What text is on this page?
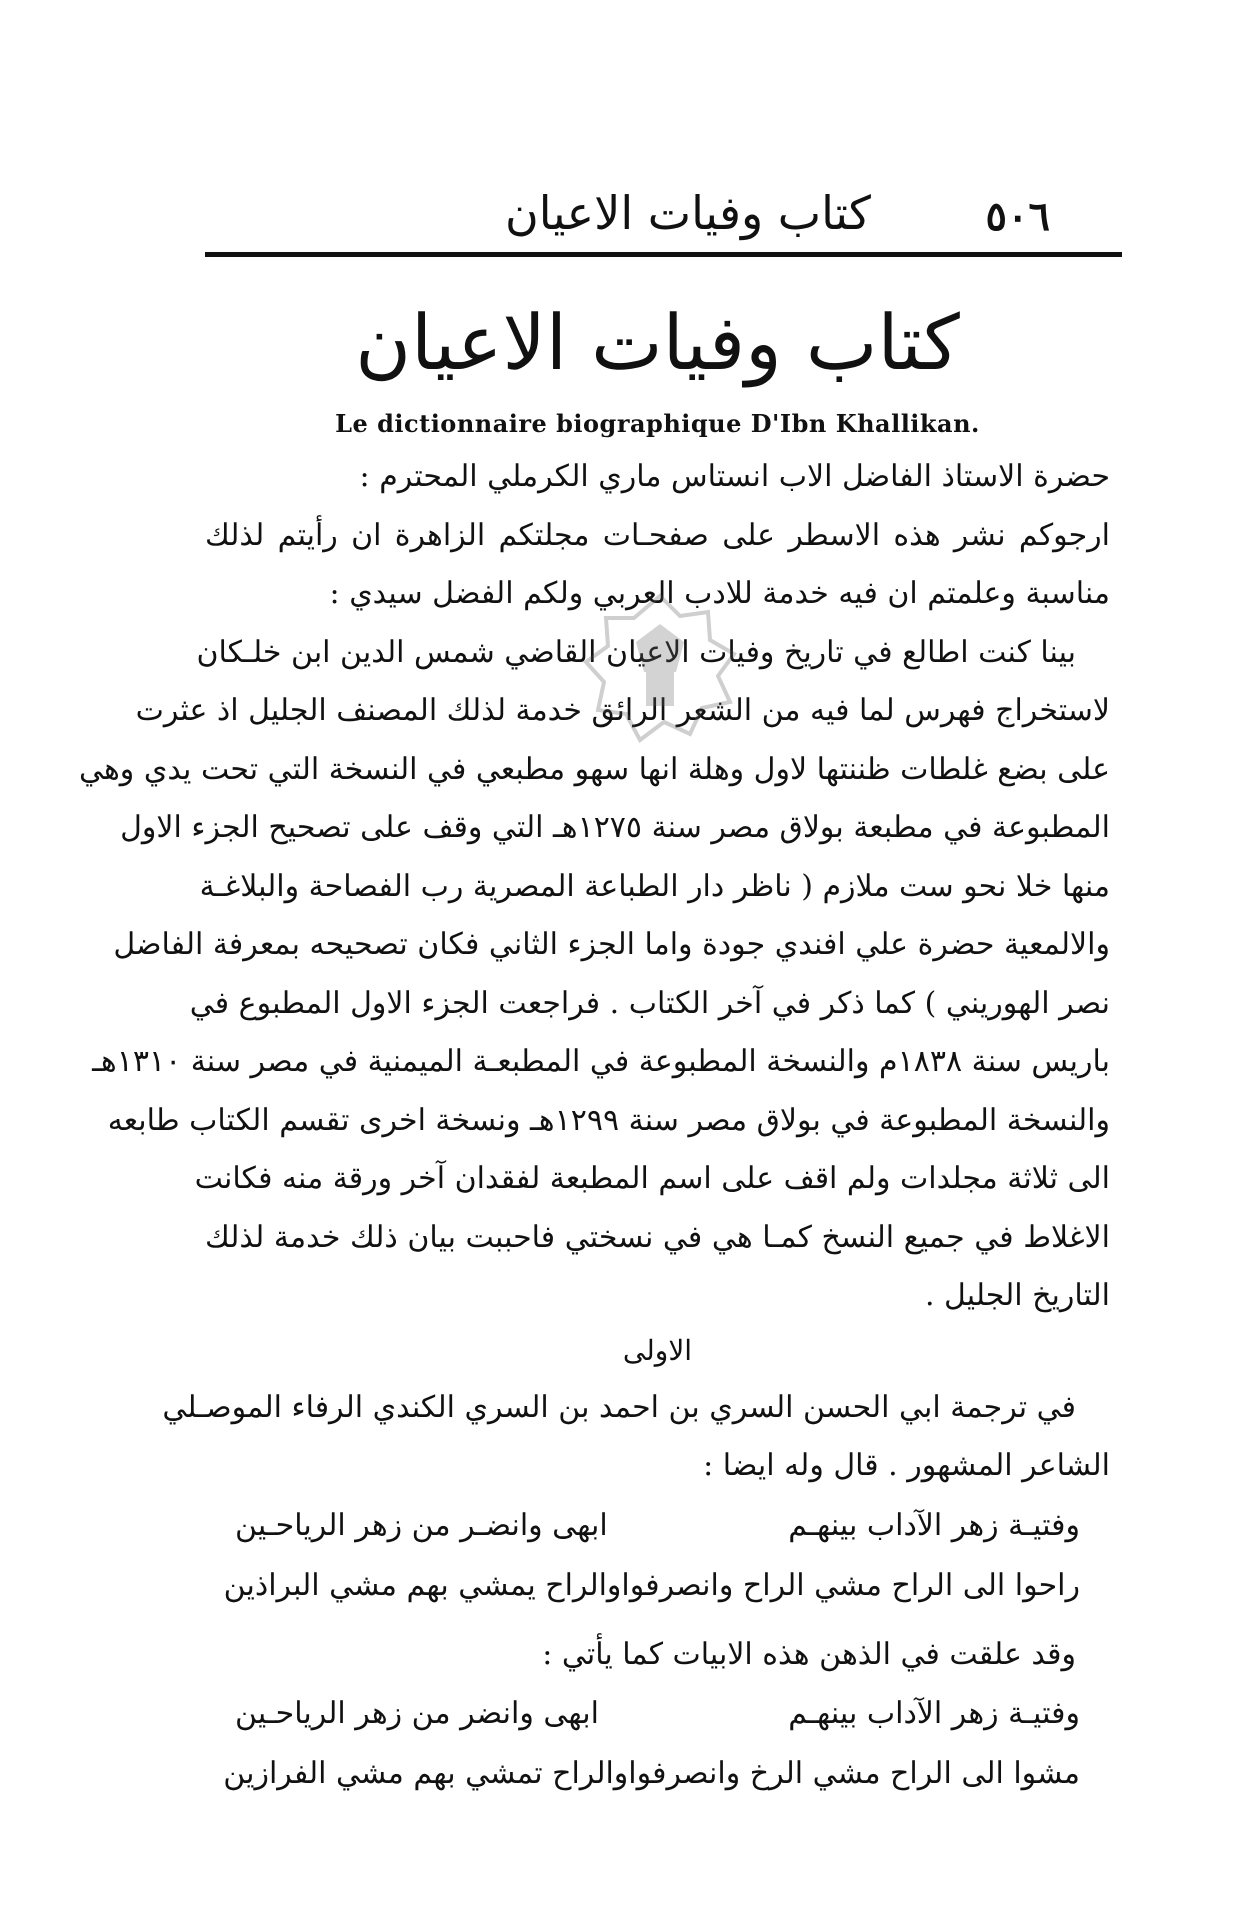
٥٠٦
كتاب وفيات الاعيان
كتاب وفيات الاعيان
Le dictionnaire biographique D'Ibn Khallikan.
حضرة الاستاذ الفاضل الاب انستاس ماري الكرملي المحترم :
ارجوكم نشر هذه الاسطر على صفحـات مجلتكم الزاهرة ان رأيتم لذلك
مناسبة وعلمتم ان فيه خدمة للادب العربي ولكم الفضل سيدي :
بينا كنت اطالع في تاريخ وفيات الاعيان القاضي شمس الدين ابن خلـكان
لاستخراج فهرس لما فيه من الشعر الرائق خدمة لذلك المصنف الجليل اذ عثرت
على بضع غلطات ظننتها لاول وهلة انها سهو مطبعي في النسخة التي تحت يدي وهي
المطبوعة في مطبعة بولاق مصر سنة ١٢٧٥هـ التي وقف على تصحيح الجزء الاول
منها خلا نحو ست ملازم ( ناظر دار الطباعة المصرية رب الفصاحة والبلاغـة
والالمعية حضرة علي افندي جودة واما الجزء الثاني فكان تصحيحه بمعرفة الفاضل
نصر الهوريني ) كما ذكر في آخر الكتاب . فراجعت الجزء الاول المطبوع في
باريس سنة ١٨٣٨م والنسخة المطبوعة في المطبعـة الميمنية في مصر سنة ١٣١٠هـ
والنسخة المطبوعة في بولاق مصر سنة ١٢٩٩هـ ونسخة اخرى تقسم الكتاب طابعه
الى ثلاثة مجلدات ولم اقف على اسم المطبعة لفقدان آخر ورقة منه فكانت
الاغلاط في جميع النسخ كمـا هي في نسختي فاحببت بيان ذلك خدمة لذلك
التاريخ الجليل .
الاولى
في ترجمة ابي الحسن السري بن احمد بن السري الكندي الرفاء الموصـلي
الشاعر المشهور . قال وله ايضا :
وفتيـة زهر الآداب بينهـم
ابهى وانضـر من زهر الرياحـين
راحوا الى الراح مشي الراح وانصرفوا
والراح يمشي بهم مشي البراذين
وقد علقت في الذهن هذه الابيات كما يأتي :
وفتيـة زهر الآداب بينهـم
ابهى وانضر من زهر الرياحـين
مشوا الى الراح مشي الرخ وانصرفوا
والراح تمشي بهم مشي الفرازين
